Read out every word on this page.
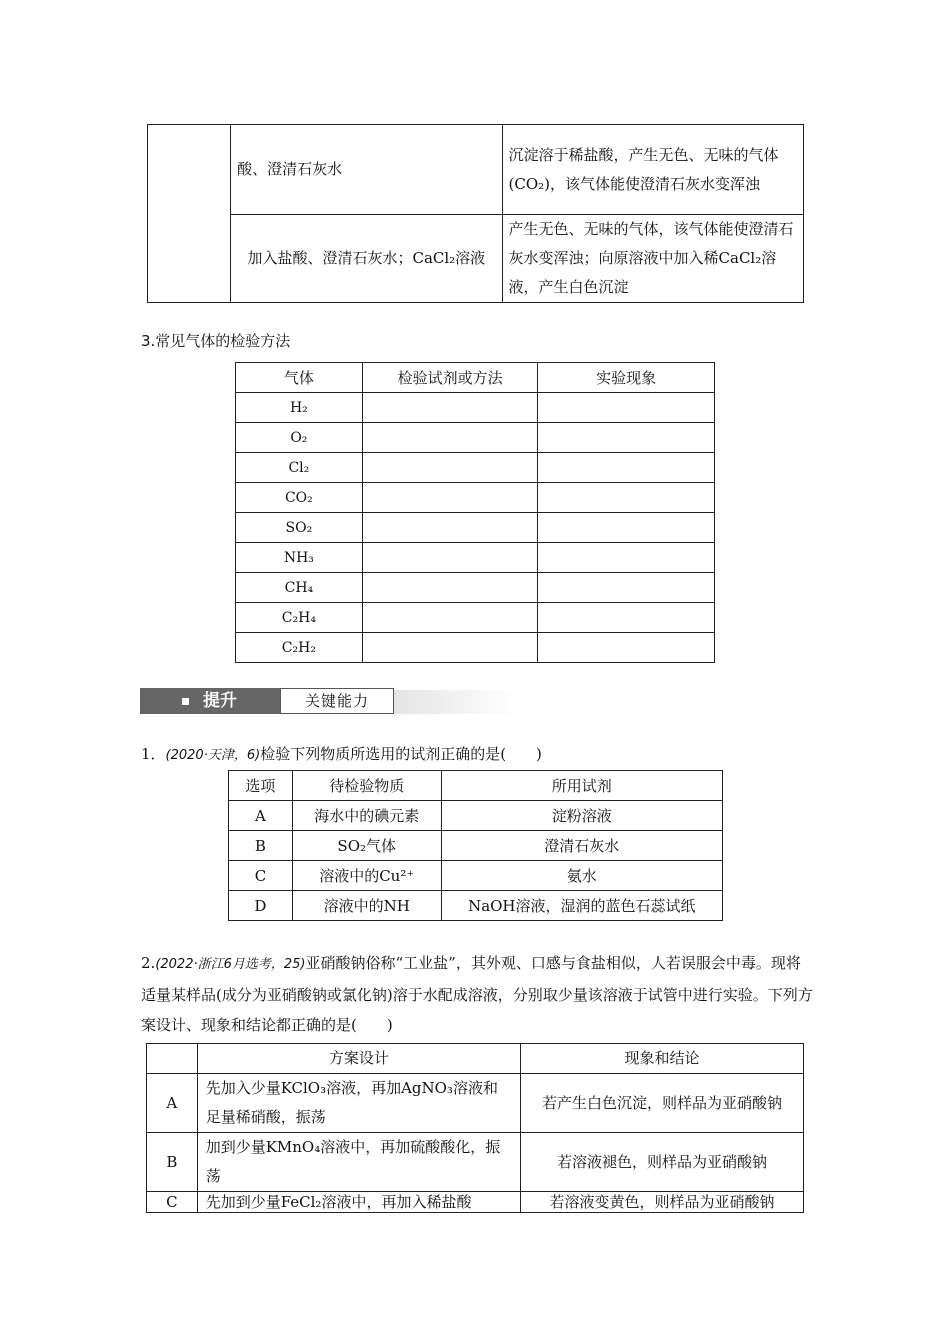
	酸、澄清石灰水	沉淀溶于稀盐酸，产生无色、无味的气体(CO₂)，该气体能使澄清石灰水变浑浊
	加入盐酸、澄清石灰水；CaCl₂溶液	产生无色、无味的气体，该气体能使澄清石灰水变浑浊；向原溶液中加入稀CaCl₂溶液，产生白色沉淀
3.常见气体的检验方法
气体	检验试剂或方法	实验现象
H₂		
O₂		
Cl₂		
CO₂		
SO₂		
NH₃		
CH₄		
C₂H₄		
C₂H₂		
提升	关键能力
1．(2020·天津，6)检验下列物质所选用的试剂正确的是(　　)
选项	待检验物质	所用试剂
A	海水中的碘元素	淀粉溶液
B	SO₂气体	澄清石灰水
C	溶液中的Cu²⁺	氨水
D	溶液中的NH	NaOH溶液，湿润的蓝色石蕊试纸
2.(2022·浙江6月选考，25)亚硝酸钠俗称“工业盐”，其外观、口感与食盐相似，人若误服会中毒。现将适量某样品(成分为亚硝酸钠或氯化钠)溶于水配成溶液，分别取少量该溶液于试管中进行实验。下列方案设计、现象和结论都正确的是(　　)
	方案设计	现象和结论
A	先加入少量KClO₃溶液，再加AgNO₃溶液和足量稀硝酸，振荡	若产生白色沉淀，则样品为亚硝酸钠
B	加到少量KMnO₄溶液中，再加硫酸酸化，振荡	若溶液褪色，则样品为亚硝酸钠
C	先加到少量FeCl₂溶液中，再加入稀盐酸	若溶液变黄色，则样品为亚硝酸钠
